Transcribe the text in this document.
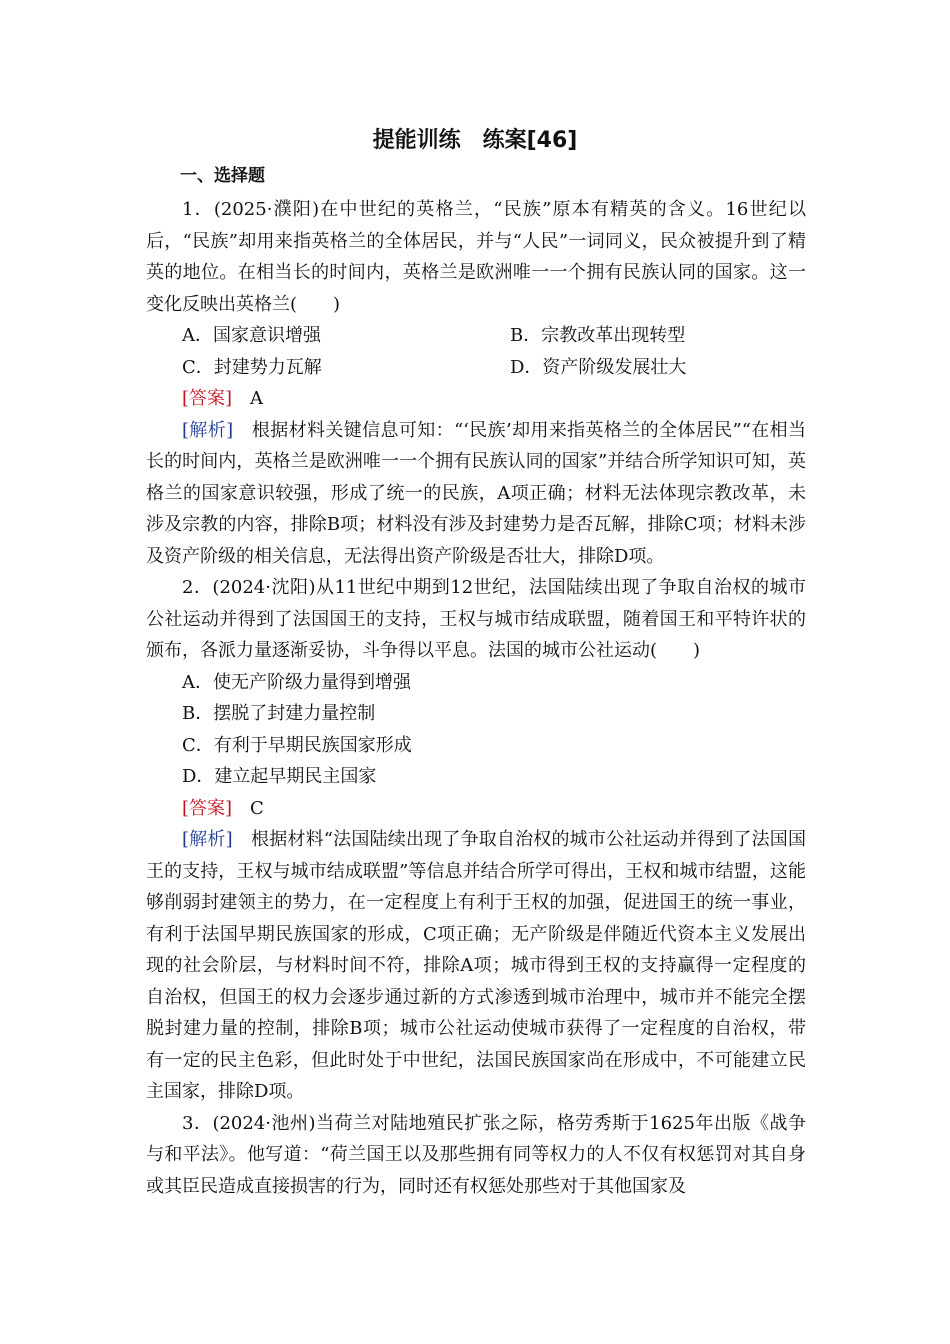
提能训练　练案[46]
一、选择题

1．(2025·濮阳)在中世纪的英格兰，“民族”原本有精英的含义。16世纪以后，“民族”却用来指英格兰的全体居民，并与“人民”一词同义，民众被提升到了精英的地位。在相当长的时间内，英格兰是欧洲唯一一个拥有民族认同的国家。这一变化反映出英格兰(　　)

A．国家意识增强	B．宗教改革出现转型
C．封建势力瓦解	D．资产阶级发展壮大

[答案]　 A

[解析]　 根据材料关键信息可知：“‘民族’却用来指英格兰的全体居民”“在相当长的时间内，英格兰是欧洲唯一一个拥有民族认同的国家”并结合所学知识可知，英格兰的国家意识较强，形成了统一的民族，A项正确；材料无法体现宗教改革，未涉及宗教的内容，排除B项；材料没有涉及封建势力是否瓦解，排除C项；材料未涉及资产阶级的相关信息，无法得出资产阶级是否壮大，排除D项。

2．(2024·沈阳)从11世纪中期到12世纪，法国陆续出现了争取自治权的城市公社运动并得到了法国国王的支持，王权与城市结成联盟，随着国王和平特许状的颁布，各派力量逐渐妥协，斗争得以平息。法国的城市公社运动(　　)

A．使无产阶级力量得到增强
B．摆脱了封建力量控制
C．有利于早期民族国家形成
D．建立起早期民主国家

[答案]　 C

[解析]　 根据材料“法国陆续出现了争取自治权的城市公社运动并得到了法国国王的支持，王权与城市结成联盟”等信息并结合所学可得出，王权和城市结盟，这能够削弱封建领主的势力，在一定程度上有利于王权的加强，促进国王的统一事业，有利于法国早期民族国家的形成，C项正确；无产阶级是伴随近代资本主义发展出现的社会阶层，与材料时间不符，排除A项；城市得到王权的支持赢得一定程度的自治权，但国王的权力会逐步通过新的方式渗透到城市治理中，城市并不能完全摆脱封建力量的控制，排除B项；城市公社运动使城市获得了一定程度的自治权，带有一定的民主色彩，但此时处于中世纪，法国民族国家尚在形成中，不可能建立民主国家，排除D项。

3．(2024·池州)当荷兰对陆地殖民扩张之际，格劳秀斯于1625年出版《战争与和平法》。他写道：“荷兰国王以及那些拥有同等权力的人不仅有权惩罚对其自身或其臣民造成直接损害的行为，同时还有权惩处那些对于其他国家及
